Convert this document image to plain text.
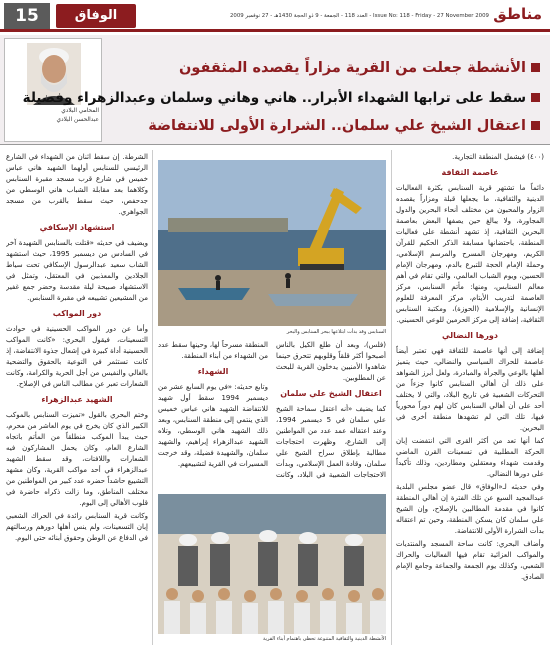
15	الوفاق	العدد 118 - الجمعة - 9 ذو الحجة 1430هـ - 27 نوفمبر 2009 - Issue No: 118 - Friday - 27 November 2009 مناطق
المحامي البلادي
عبدالحسن البلادي
الأنشطة جعلت من القرية مزاراً يقصده المثقفون
سقط على ترابها الشهداء الأبرار.. هاني وهاني وسلمان وعبدالزهراء وفضيلة
اعتقال الشيخ علي سلمان.. الشرارة الأولى للانتفاضة

(٤٠٠) فيشمل المنطقة التجارية.

عاصمة الثقافة

دائماً ما تشتهر قرية السنابس بكثرة الفعاليات الدينية والثقافية، ما يجعلها قبلة ومزاراً يقصده الزوار والمحبون من مختلف أنحاء البحرين والدول المجاورة، ولا يبالغ حين يصفها البعض بعاصمة البحرين الثقافية، إذ تشهد أنشطة على فعاليات المنطقة، باحتضانها مسابقة الذكر الحكيم للقرآن الكريم، ومهرجان المسرح والمرسم الإسلامي، وحملة الإمام الحجة للتبرع بالدم، ومهرجان الإمام الحسين، ويوم الشباب العالمي، والتي تقام في أهم معالم السنابس، ومنها: مأتم السنابس، مركز العاصمة لتدريب الأيتام، مركز المعرفة للعلوم الإنسانية والإسلامية (الحوزة)، ومكتبة السنابس الثقافية، إضافة إلى مركز الحرمين للوعي الحسيني.

دورها النضالي

إضافة إلى أنها عاصمة للثقافة فهي تعتبر أيضاً عاصمة للحراك السياسي والنضالي، حيث يتميز أهلها بالوعي والجرأة والمبادرة، ولعل أبرز الشواهد على ذلك أن أهالي السنابس كانوا جزءاً من التحركات الشعبية في تاريخ البلاد، والتي لا يختلف أحد على أن أهالي السنابس كان لهم دوراً محورياً فيها، تلك التي لم تشهدها منطقة أخرى في البحرين.

كما أنها تعد من أكثر القرى التي انتفضت إبان الحركة المطلبية في تسعينات القرن الماضي وقدمت شهداء ومعتقلين ومطاردين، وذلك تأكيداً على دورها النضالي.

وفي حديثه لـ«الوفاق» قال عضو مجلس البلدية عبدالمجيد السبع عن تلك الفترة إن أهالي المنطقة كانوا في مقدمة المطالبين بالإصلاح، وإن الشيخ علي سلمان كان يسكن المنطقة، وحين تم اعتقاله بدأت الشرارة الأولى للانتفاضة.

وأضاف البحري: كانت ساحة المسجد والمنتديات والمواكب العزائية تقام فيها الفعاليات والحراك الشعبي، وكذلك يوم الجمعة والجماعة وجامع الإمام الصادق.

السنابس وقد بدأت ابتلاعها ببحر السنابس والبحر

(فلس)، وبعد أن طلع الكيل بالناس أصبحوا أكثر قلقاً وقلوبهم تتحرق حينما شاهدوا الأمنيين يدخلون القرية للبحث عن المطلوبين.

اعتقال الشيخ علي سلمان

كما يضيف «أنه اعتقل سماحة الشيخ علي سلمان في 5 ديسمبر 1994، وعند اعتقاله عمد عدد من المواطنين إلى الشارع، وظهرت احتجاجات مطالبة بإطلاق سراح الشيخ علي سلمان، وقادة العمل الإسلامي، وبدأت الاحتجاجات الشعبية في البلاد، وكانت المنطقة مسرحاً لها، وحينها سقط عدد من الشهداء من أبناء المنطقة.

الشهداء

وتابع حديثه: «في يوم السابع عشر من ديسمبر 1994 سقط أول شهيد للانتفاضة الشهيد هاني عباس خميس الذي ينتمي إلى منطقة السنابس، وبعد ذلك الشهيد هاني الوسطي، وتلاه الشهيد عبدالزهراء إبراهيم، والشهيد سلمان، والشهيدة فضيلة، وقد خرجت المسيرات في القرية لتشييعهم.

الأنشطة الدينية والثقافية المتنوعة تحظى باهتمام أبناء القرية

الشرطة. إن سقط اثنان من الشهداء في الشارع الرئيسي للسنابس أولهما الشهيد هاني عباس خميس في شارع قرب مسجد مقبرة السنابس وكلاهما بعد مقابلة الشباب هاني الوسطي من جدحفص، حيث سقط بالقرب من مسجد الجواهري.

استشهاد الإسكافي

ويضيف في حديثه «قتلت بالسنابس الشهيدة آخر في السادس من ديسمبر 1995، حيث استشهد الشاب سعيد عبدالرسول الإسكافي تحت سياط الجلادين والمعذبين في المعتقل، وتمثل في الاستشهاد صبيحة ليلة مقدسة وحضر جمع غفير من المشيعين تشييعه في مقبرة السنابس.

دور المواكب

وأما عن دور المواكب الحسينية في حوادث التسعينات، فيقول البحري: «كانت المواكب الحسينية أداة كبيرة في إشعال جذوة الانتفاضة، إذ كانت تستثمر في التوعية بالحقوق والتضحية بالغالي والنفيس من أجل الحرية والكرامة، وكانت الشعارات تعبر عن مطالب الناس في الإصلاح.

الشهيد عبدالزهراء

وختم البحري بالقول «تميزت السنابس بالموكب الكبير الذي كان يخرج في يوم العاشر من محرم، حيث يبدأ الموكب منطلقاً من المأتم باتجاه الشارع العام، وكان يحمل المشاركون فيه الشعارات واللافتات، وقد سقط الشهيد عبدالزهراء في أحد مواكب القرية، وكان مشهد التشييع حاشداً حضره عدد كبير من المواطنين من مختلف المناطق، وما زالت ذكراه حاضرة في قلوب الأهالي إلى اليوم.

وكانت قرية السنابس رائدة في الحراك الشعبي إبان التسعينات، ولم ينس أهلها دورهم ورسالتهم في الدفاع عن الوطن وحقوق أبنائه حتى اليوم.
